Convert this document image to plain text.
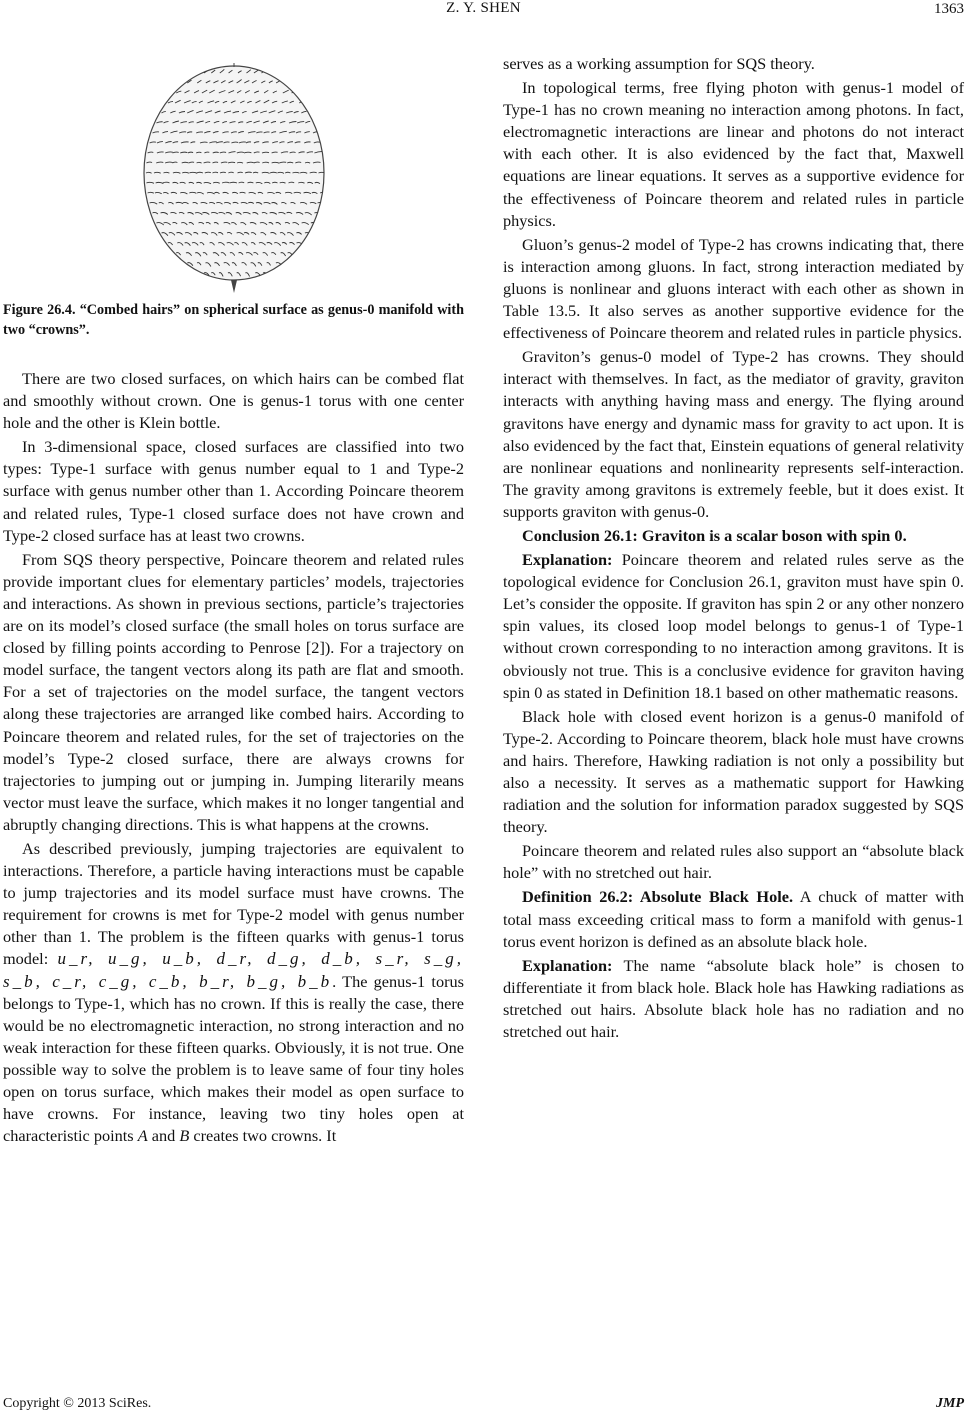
Z. Y. SHEN	1363

Figure 26.4. “Combed hairs” on spherical surface as genus-0 manifold with two “crowns”.

There are two closed surfaces, on which hairs can be combed flat and smoothly without crown. One is genus-1 torus with one center hole and the other is Klein bottle.

In 3-dimensional space, closed surfaces are classified into two types: Type-1 surface with genus number equal to 1 and Type-2 surface with genus number other than 1. According Poincare theorem and related rules, Type-1 closed surface does not have crown and Type-2 closed surface has at least two crowns.

From SQS theory perspective, Poincare theorem and related rules provide important clues for elementary particles’ models, trajectories and interactions. As shown in previous sections, particle’s trajectories are on its model’s closed surface (the small holes on torus surface are closed by filling points according to Penrose [2]). For a trajectory on model surface, the tangent vectors along its path are flat and smooth. For a set of trajectories on the model surface, the tangent vectors along these trajectories are arranged like combed hairs. According to Poincare theorem and related rules, for the set of trajectories on the model’s Type-2 closed surface, there are always crowns for trajectories to jumping out or jumping in. Jumping literarily means vector must leave the surface, which makes it no longer tangential and abruptly changing directions. This is what happens at the crowns.

As described previously, jumping trajectories are equivalent to interactions. Therefore, a particle having interactions must be capable to jump trajectories and its model surface must have crowns. The requirement for crowns is met for Type-2 model with genus number other than 1. The problem is the fifteen quarks with genus-1 torus model: u_r, u_g, u_b, d_r, d_g, d_b, s_r, s_g, s_b, c_r, c_g, c_b, b_r, b_g, b_b. The genus-1 torus belongs to Type-1, which has no crown. If this is really the case, there would be no electromagnetic interaction, no strong interaction and no weak interaction for these fifteen quarks. Obviously, it is not true. One possible way to solve the problem is to leave same of four tiny holes open on torus surface, which makes their model as open surface to have crowns. For instance, leaving two tiny holes open at characteristic points A and B creates two crowns. It

serves as a working assumption for SQS theory.

In topological terms, free flying photon with genus-1 model of Type-1 has no crown meaning no interaction among photons. In fact, electromagnetic interactions are linear and photons do not interact with each other. It is also evidenced by the fact that, Maxwell equations are linear equations. It serves as a supportive evidence for the effectiveness of Poincare theorem and related rules in particle physics.

Gluon’s genus-2 model of Type-2 has crowns indicating that, there is interaction among gluons. In fact, strong interaction mediated by gluons is nonlinear and gluons interact with each other as shown in Table 13.5. It also serves as another supportive evidence for the effectiveness of Poincare theorem and related rules in particle physics.

Graviton’s genus-0 model of Type-2 has crowns. They should interact with themselves. In fact, as the mediator of gravity, graviton interacts with anything having mass and energy. The flying around gravitons have energy and dynamic mass for gravity to act upon. It is also evidenced by the fact that, Einstein equations of general relativity are nonlinear equations and nonlinearity represents self-interaction. The gravity among gravitons is extremely feeble, but it does exist. It supports graviton with genus-0.

Conclusion 26.1: Graviton is a scalar boson with spin 0.

Explanation: Poincare theorem and related rules serve as the topological evidence for Conclusion 26.1, graviton must have spin 0. Let’s consider the opposite. If graviton has spin 2 or any other nonzero spin values, its closed loop model belongs to genus-1 of Type-1 without crown corresponding to no interaction among gravitons. It is obviously not true. This is a conclusive evidence for graviton having spin 0 as stated in Definition 18.1 based on other mathematic reasons.

Black hole with closed event horizon is a genus-0 manifold of Type-2. According to Poincare theorem, black hole must have crowns and hairs. Therefore, Hawking radiation is not only a possibility but also a necessity. It serves as a mathematic support for Hawking radiation and the solution for information paradox suggested by SQS theory.

Poincare theorem and related rules also support an “absolute black hole” with no stretched out hair.

Definition 26.2: Absolute Black Hole. A chuck of matter with total mass exceeding critical mass to form a manifold with genus-1 torus event horizon is defined as an absolute black hole.

Explanation: The name “absolute black hole” is chosen to differentiate it from black hole. Black hole has Hawking radiations as stretched out hairs. Absolute black hole has no radiation and no stretched out hair.

Copyright © 2013 SciRes.	JMP
